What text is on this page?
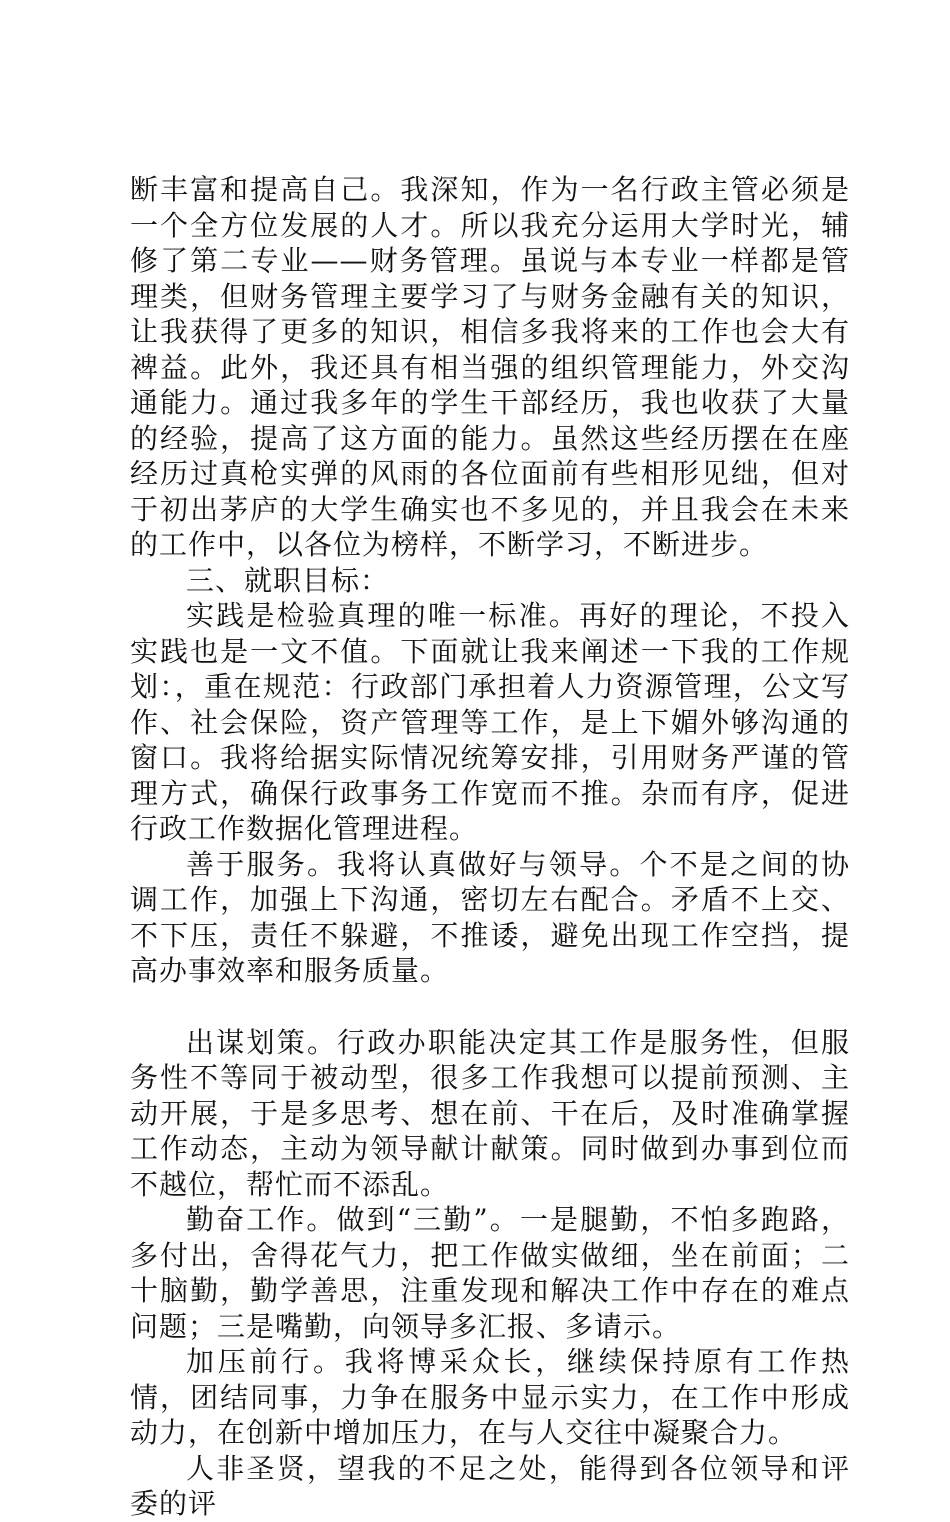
断丰富和提高自己。我深知，作为一名行政主管必须是一个全方位发展的人才。所以我充分运用大学时光，辅修了第二专业——财务管理。虽说与本专业一样都是管理类，但财务管理主要学习了与财务金融有关的知识，让我获得了更多的知识，相信多我将来的工作也会大有裨益。此外，我还具有相当强的组织管理能力，外交沟通能力。通过我多年的学生干部经历，我也收获了大量的经验，提高了这方面的能力。虽然这些经历摆在在座经历过真枪实弹的风雨的各位面前有些相形见绌，但对于初出茅庐的大学生确实也不多见的，并且我会在未来的工作中，以各位为榜样，不断学习，不断进步。

三、就职目标：

实践是检验真理的唯一标准。再好的理论，不投入实践也是一文不值。下面就让我来阐述一下我的工作规划：，重在规范：行政部门承担着人力资源管理，公文写作、社会保险，资产管理等工作，是上下媚外够沟通的窗口。我将给据实际情况统筹安排，引用财务严谨的管理方式，确保行政事务工作宽而不推。杂而有序，促进行政工作数据化管理进程。

善于服务。我将认真做好与领导。个不是之间的协调工作，加强上下沟通，密切左右配合。矛盾不上交、不下压，责任不躲避，不推诿，避免出现工作空挡，提高办事效率和服务质量。

出谋划策。行政办职能决定其工作是服务性，但服务性不等同于被动型，很多工作我想可以提前预测、主动开展，于是多思考、想在前、干在后，及时准确掌握工作动态，主动为领导献计献策。同时做到办事到位而不越位，帮忙而不添乱。

勤奋工作。做到“三勤”。一是腿勤，不怕多跑路，多付出，舍得花气力，把工作做实做细，坐在前面；二十脑勤，勤学善思，注重发现和解决工作中存在的难点问题；三是嘴勤，向领导多汇报、多请示。

加压前行。我将博采众长，继续保持原有工作热情，团结同事，力争在服务中显示实力，在工作中形成动力，在创新中增加压力，在与人交往中凝聚合力。

人非圣贤，望我的不足之处，能得到各位领导和评委的评
